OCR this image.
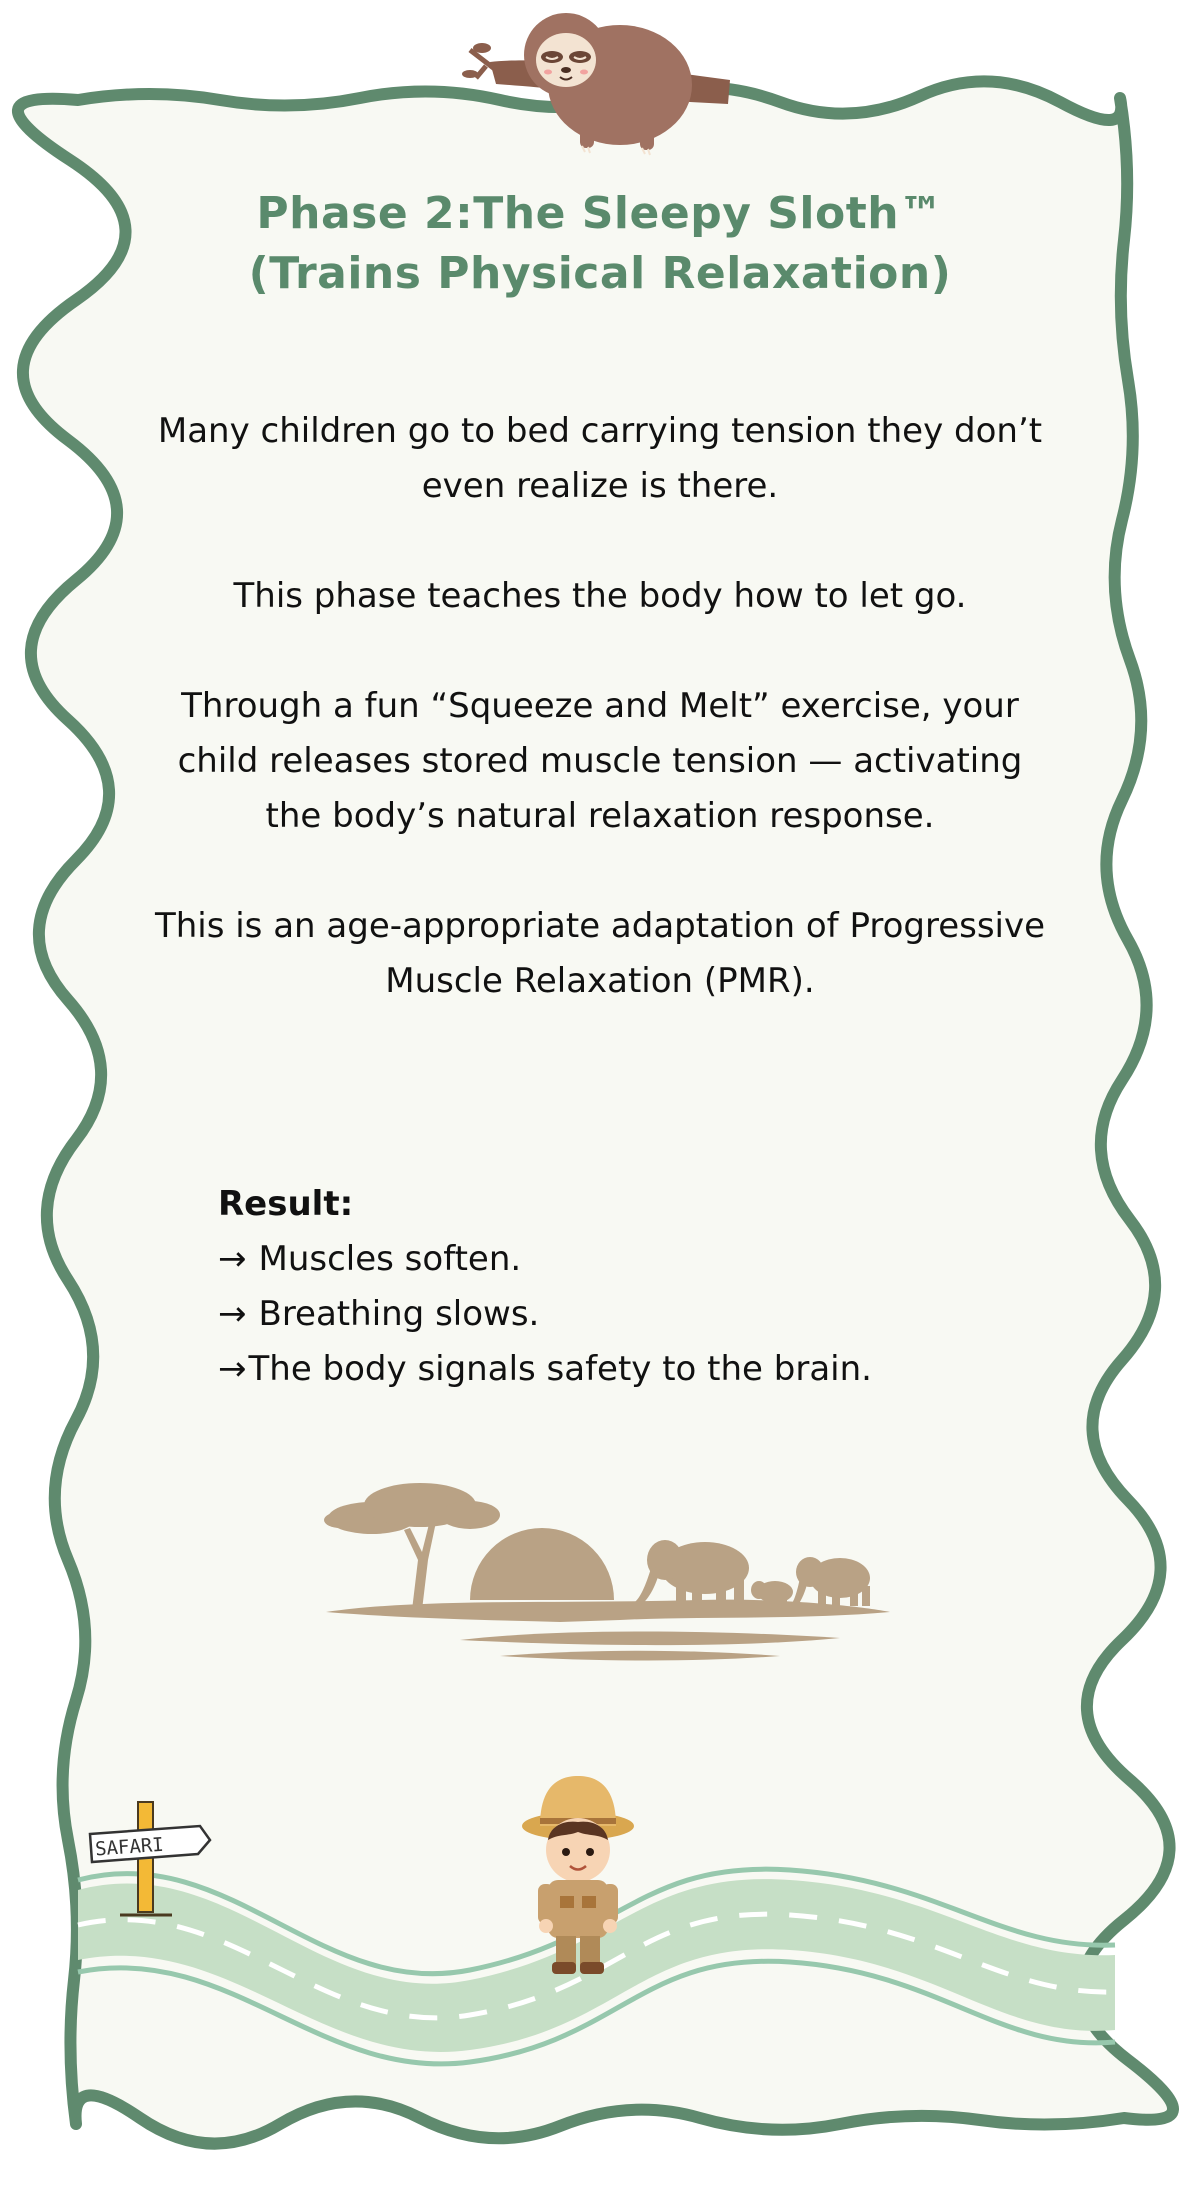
SAFARI
Phase 2:The Sleepy Sloth™
(Trains Physical Relaxation)

Many children go to bed carrying tension they don’t even realize is there.

This phase teaches the body how to let go.

Through a fun “Squeeze and Melt” exercise, your child releases stored muscle tension — activating the body’s natural relaxation response.

This is an age-appropriate adaptation of Progressive Muscle Relaxation (PMR).

Result:
→ Muscles soften.
→ Breathing slows.
→The body signals safety to the brain.
